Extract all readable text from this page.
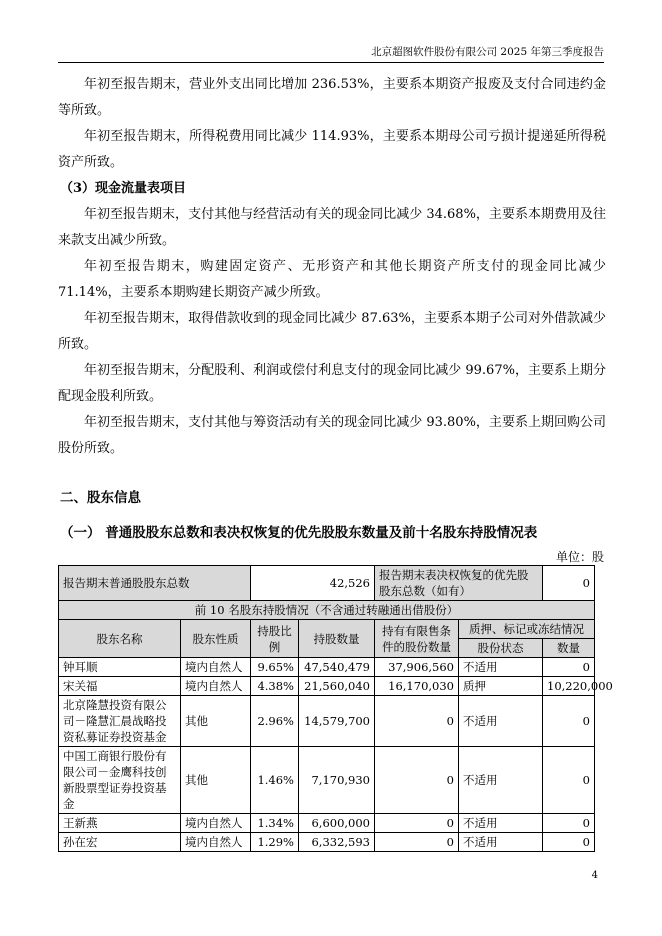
北京超图软件股份有限公司 2025 年第三季度报告

年初至报告期末，营业外支出同比增加 236.53%，主要系本期资产报废及支付合同违约金等所致。

年初至报告期末，所得税费用同比减少 114.93%，主要系本期母公司亏损计提递延所得税资产所致。

（3）现金流量表项目

年初至报告期末，支付其他与经营活动有关的现金同比减少 34.68%，主要系本期费用及往来款支出减少所致。

年初至报告期末，购建固定资产、无形资产和其他长期资产所支付的现金同比减少 71.14%，主要系本期购建长期资产减少所致。

年初至报告期末，取得借款收到的现金同比减少 87.63%，主要系本期子公司对外借款减少所致。

年初至报告期末，分配股利、利润或偿付利息支付的现金同比减少 99.67%，主要系上期分配现金股利所致。

年初至报告期末，支付其他与筹资活动有关的现金同比减少 93.80%，主要系上期回购公司股份所致。

二、股东信息
（一） 普通股股东总数和表决权恢复的优先股股东数量及前十名股东持股情况表
单位：股
报告期末普通股股东总数		42,526		报告期末表决权恢复的优先股股东总数（如有）		0
前 10 名股东持股情况（不含通过转融通出借股份）						
股东名称	股东性质	持股比例	持股数量	持有有限售条件的股份数量	质押、标记或冻结情况	
					股份状态	数量
钟耳顺	境内自然人	9.65%	47,540,479	37,906,560	不适用	0
宋关福	境内自然人	4.38%	21,560,040	16,170,030	质押	10,220,000
北京隆慧投资有限公司－隆慧汇晨战略投资私募证券投资基金	其他	2.96%	14,579,700	0	不适用	0
中国工商银行股份有限公司－金鹰科技创新股票型证券投资基金	其他	1.46%	7,170,930	0	不适用	0
王新燕	境内自然人	1.34%	6,600,000	0	不适用	0
孙在宏	境内自然人	1.29%	6,332,593	0	不适用	0
4
